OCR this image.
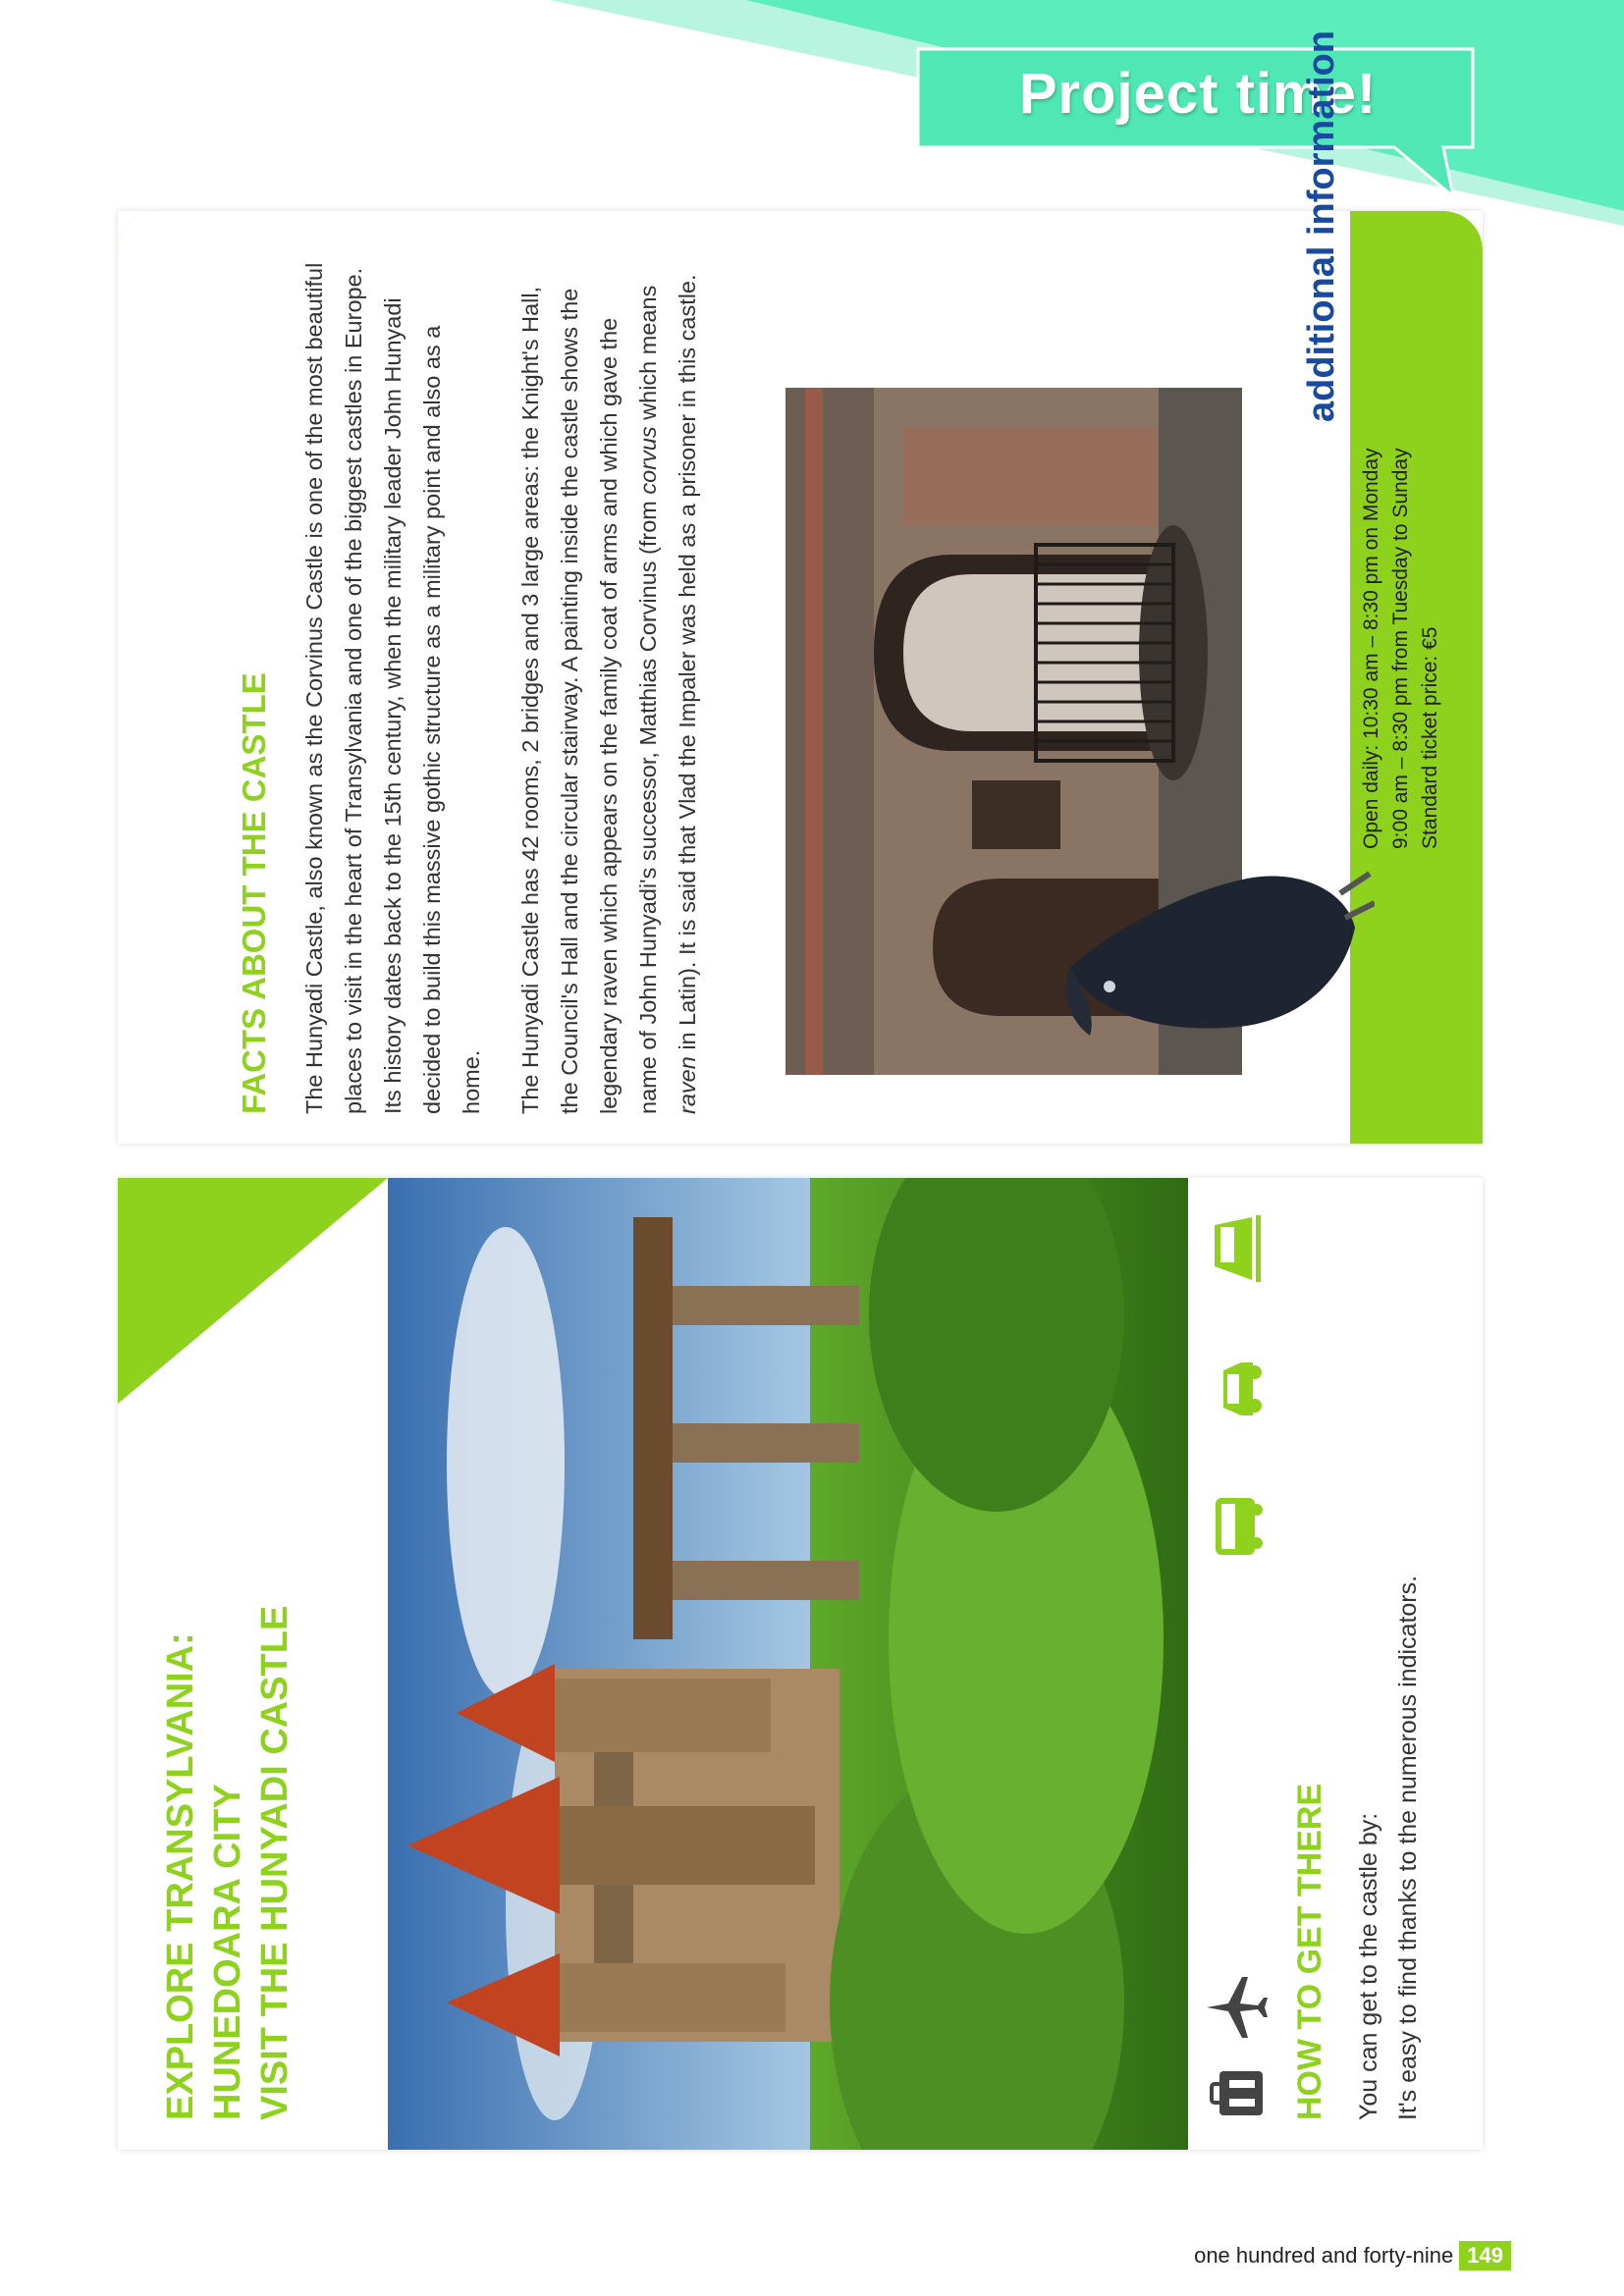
Project time!
EXPLORE TRANSYLVANIA: HUNEDOARA CITY VISIT THE HUNYADI CASTLE	HOW TO GET THERE You can get to the castle by: It's easy to find thanks to the numerous indicators.
FACTS ABOUT THE CASTLE The Hunyadi Castle, also known as the Corvinus Castle is one of the most beautiful places to visit in the heart of Transylvania and one of the biggest castles in Europe. Its history dates back to the 15th century, when the military leader John Hunyadi decided to build this massive gothic structure as a military point and also as a home. The Hunyadi Castle has 42 rooms, 2 bridges and 3 large areas: the Knight's Hall, the Council's Hall and the circular stairway. A painting inside the castle shows the legendary raven which appears on the family coat of arms and which gave the name of John Hunyadi's successor, Matthias Corvinus (from corvus which means raven in Latin). It is said that Vlad the Impaler was held as a prisoner in this castle.
additional information
Open daily: 10:30 am – 8:30 pm on Monday 9:00 am – 8:30 pm from Tuesday to Sunday Standard ticket price: €5
one hundred and forty-nine 149
